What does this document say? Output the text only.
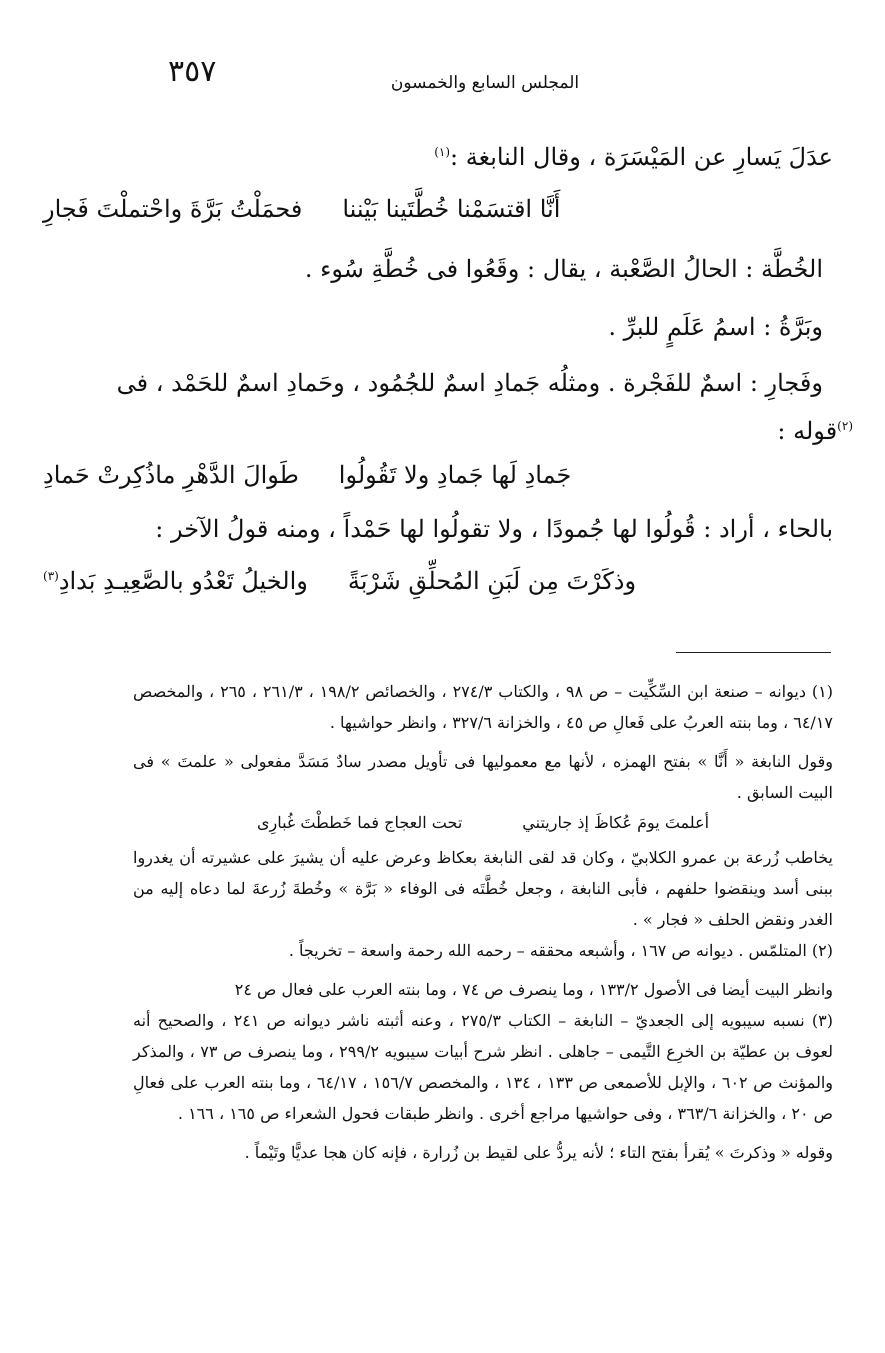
٣٥٧	المجلس السابع والخمسون
عدَلَ يَسارِ عن المَيْسَرَة ، وقال النابغة :$^{(١)}$
أَنَّا اقتسَمْنا خُطَّتَينا بَيْننا
فحمَلْتُ بَرَّةَ واحْتملْتَ فَجارِ
الخُطَّة : الحالُ الصَّعْبة ، يقال : وقَعُوا فى خُطَّةِ سُوء .
وبَرَّةُ : اسمُ عَلَمٍ للبرِّ .
وفَجارِ : اسمٌ للفَجْرة . ومثلُه جَمادِ اسمٌ للجُمُود ، وحَمادِ اسمٌ للحَمْد ، فى
$^{(٢)}$قوله :
جَمادِ لَها جَمادِ ولا تَقُولُوا
طَوالَ الدَّهْرِ ماذُكِرتْ حَمادِ
بالحاء ، أراد : قُولُوا لها جُمودًا ، ولا تقولُوا لها حَمْداً ، ومنه قولُ الآخر :
وذكَرْتَ مِن لَبَنِ المُحلِّقِ شَرْبَةً
والخيلُ تَعْدُو بالصَّعِيـدِ بَدادِ$^{(٣)}$

(١) ديوانه – صنعة ابن السِّكِّيت – ص ٩٨ ، والكتاب ٢٧٤/٣ ، والخصائص ١٩٨/٢ ، ٢٦١/٣ ، ٢٦٥ ، والمخصص ٦٤/١٧ ، وما بنته العربُ على فَعالِ ص ٤٥ ، والخزانة ٣٢٧/٦ ، وانظر حواشيها .

وقول النابغة « أَنَّا » بفتح الهمزه ، لأنها مع معموليها فى تأويل مصدر سادٌ مَسَدَّ مفعولى « علمتَ » فى البيت السابق .

أعلمتَ يومَ عُكاظَ إذ جاريتني
تحت العجاج فما خَططْتَ غُبارِى

يخاطب زُرعة بن عمرو الكلابيّ ، وكان قد لقى النابغة بعكاظ وعرض عليه أن يشيرَ على عشيرته أن يغدروا ببنى أسد وينقضوا حلفهم ، فأبى النابغة ، وجعل خُطَّتَه فى الوفاء « بَرَّة » وخُطةَ زُرعةَ لما دعاه إليه من الغدر ونقض الحلف « فجار » .

(٢) المتلمّس . ديوانه ص ١٦٧ ، وأشبعه محققه – رحمه الله رحمة واسعة – تخريجاً .

وانظر البيت أيضا فى الأصول ١٣٣/٢ ، وما ينصرف ص ٧٤ ، وما بنته العرب على فعال ص ٢٤

(٣) نسبه سيبويه إلى الجعديّ – النابغة – الكتاب ٢٧٥/٣ ، وعنه أثبته ناشر ديوانه ص ٢٤١ ، والصحيح أنه لعوف بن عطيّة بن الخرِع التَّيمى – جاهلى . انظر شرح أبيات سيبويه ٢٩٩/٢ ، وما ينصرف ص ٧٣ ، والمذكر والمؤنث ص ٦٠٢ ، والإبل للأصمعى ص ١٣٣ ، ١٣٤ ، والمخصص ١٥٦/٧ ، ٦٤/١٧ ، وما بنته العرب على فعالِ ص ٢٠ ، والخزانة ٣٦٣/٦ ، وفى حواشيها مراجع أخرى . وانظر طبقات فحول الشعراء ص ١٦٥ ، ١٦٦ .

وقوله « وذكرتَ » يُقرأ بفتح التاء ؛ لأنه يردُّ على لقيط بن زُرارة ، فإنه كان هجا عديًّا وتَيْماً .
